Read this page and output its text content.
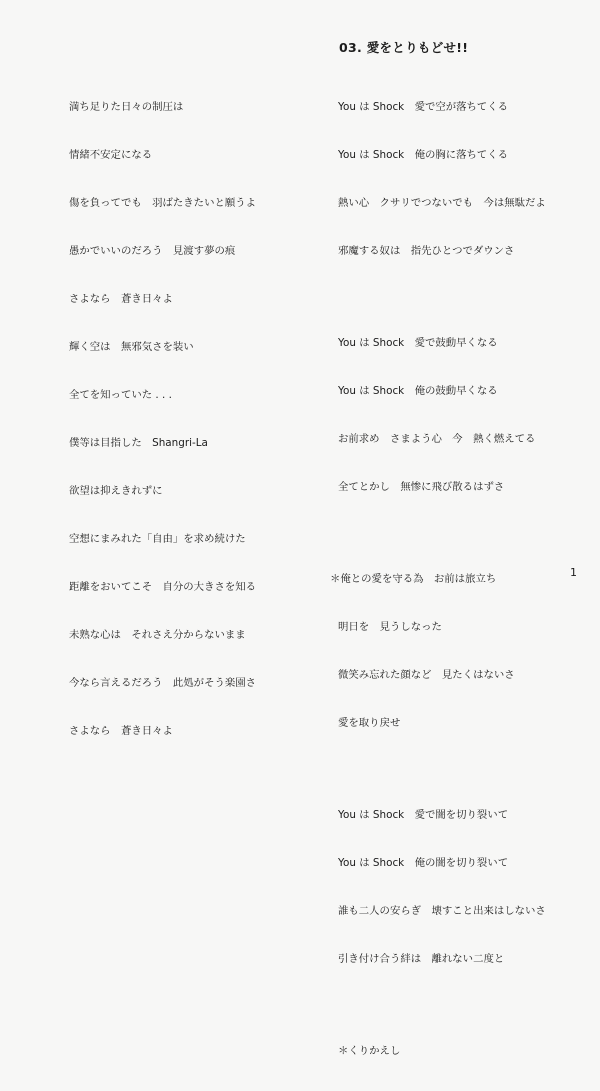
03. 愛をとりもどせ!!

満ち足りた日々の制圧は

情緒不安定になる

傷を負ってでも　羽ばたきたいと願うよ

愚かでいいのだろう　見渡す夢の痕

さよなら　蒼き日々よ

輝く空は　無邪気さを装い

全てを知っていた . . .

僕等は目指した　Shangri-La

欲望は抑えきれずに

空想にまみれた「自由」を求め続けた

距離をおいてこそ　自分の大きさを知る

未熟な心は　それさえ分からないまま

今なら言えるだろう　此処がそう楽園さ

さよなら　蒼き日々よ

You は Shock　愛で空が落ちてくる

You は Shock　俺の胸に落ちてくる

熱い心　クサリでつないでも　今は無駄だよ

邪魔する奴は　指先ひとつでダウンさ

You は Shock　愛で鼓動早くなる

You は Shock　俺の鼓動早くなる

お前求め　さまよう心　今　熱く燃えてる

全てとかし　無惨に飛び散るはずさ

＊俺との愛を守る為　お前は旅立ち

明日を　見うしなった

微笑み忘れた顔など　見たくはないさ

愛を取り戻せ

You は Shock　愛で闇を切り裂いて

You は Shock　俺の闇を切り裂いて

誰も二人の安らぎ　壊すこと出来はしないさ

引き付け合う絆は　離れない二度と

＊くりかえし

1
